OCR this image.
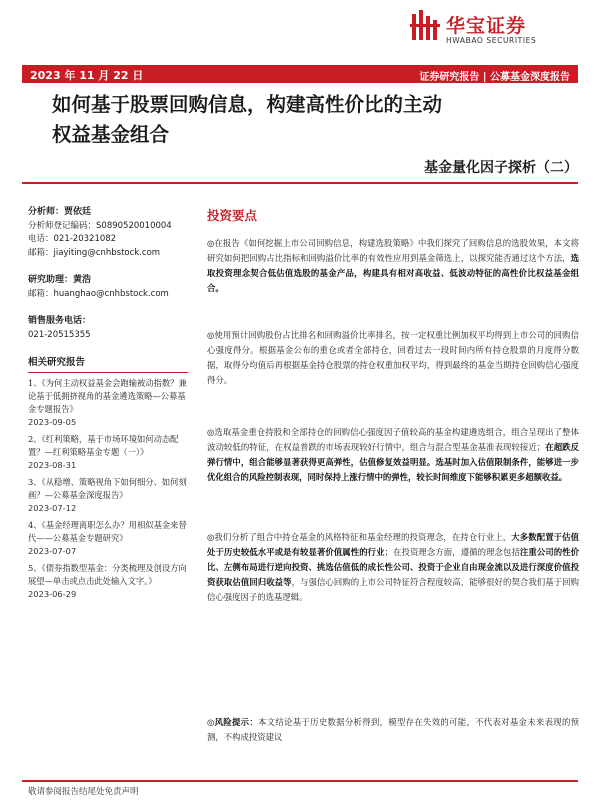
华宝证券
HWABAO SECURITIES
2023 年 11 月 22 日	证券研究报告 | 公募基金深度报告
如何基于股票回购信息，构建高性价比的主动
权益基金组合
基金量化因子探析（二）
分析师：贾依廷
分析师登记编码：S0890520010004
电话：021-20321082
邮箱：jiayiting@cnhbstock.com
研究助理：黄浩
邮箱：huanghao@cnhbstock.com
销售服务电话：
021-20515355
相关研究报告
1、《为何主动权益基金会跑输被动指数？兼论基于低拥挤视角的基金遴选策略—公募基金专题报告》
2023-09-05
2、《红利策略，基于市场环境如何动态配置？—红利策略基金专题（一）》
2023-08-31
3、《从稳增、策略视角下如何细分、如何刻画？—公募基金深度报告》
2023-07-12
4、《基金经理离职怎么办？用相似基金来替代——公募基金专题研究》
2023-07-07
5、《债券指数型基金：分类梳理及创设方向展望—单击或点击此处输入文字。》
2023-06-29
投资要点
◎在报告《如何挖掘上市公司回购信息，构建选股策略》中我们探究了回购信息的选股效果，本文将研究如何把回购占比指标和回购溢价比率的有效性应用到基金筛选上，以探究能否通过这个方法，选取投资理念契合低估值选股的基金产品，构建具有相对高收益、低波动特征的高性价比权益基金组合。
◎使用预计回购股份占比排名和回购溢价比率排名，按一定权重比例加权平均得到上市公司的回购信心强度得分。根据基金公布的重仓或者全部持仓，回看过去一段时间内所有持仓股票的月度得分数据，取得分均值后再根据基金持仓股票的持仓权重加权平均，得到最终的基金当期持仓回购信心强度得分。
◎选取基金重仓持股和全部持仓的回购信心强度因子值较高的基金构建遴选组合，组合呈现出了整体波动较低的特征，在权益普跌的市场表现较好行情中，组合与混合型基金基准表现较接近；在超跌反弹行情中，组合能够显著获得更高弹性，估值修复效益明显。选基时加入估值限制条件，能够进一步优化组合的风险控制表现，同时保持上涨行情中的弹性，较长时间维度下能够积累更多超额收益。
◎我们分析了组合中持仓基金的风格特征和基金经理的投资理念，在持仓行业上，大多数配置于估值处于历史较低水平或是有较显著价值属性的行业；在投资理念方面，遵循的理念包括注重公司的性价比、左侧布局进行逆向投资、挑选估值低的成长性公司、投资于企业自由现金流以及进行深度价值投资获取估值回归收益等，与强信心回购的上市公司特征符合程度较高，能够很好的契合我们基于回购信心强度因子的选基逻辑。
◎风险提示：本文结论基于历史数据分析得到，模型存在失效的可能，不代表对基金未来表现的预测，不构成投资建议
敬请参阅报告结尾处免责声明
